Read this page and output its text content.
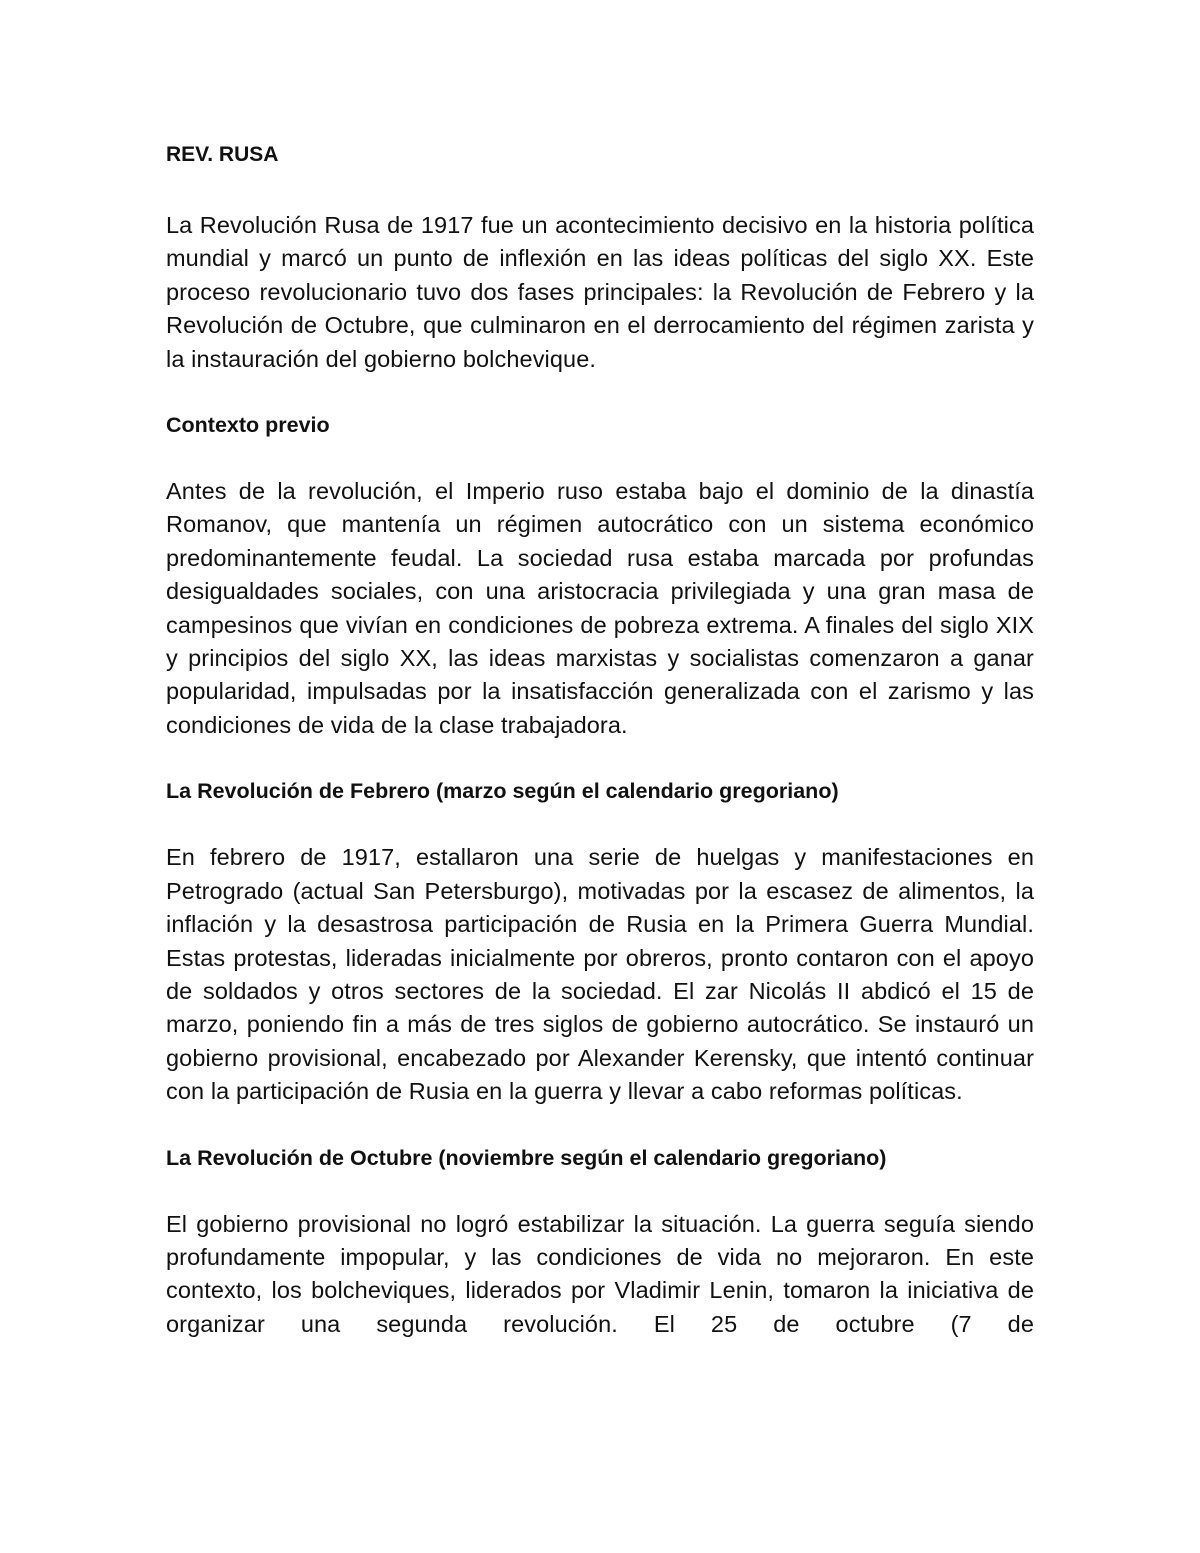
REV. RUSA

La Revolución Rusa de 1917 fue un acontecimiento decisivo en la historia política mundial y marcó un punto de inflexión en las ideas políticas del siglo XX. Este proceso revolucionario tuvo dos fases principales: la Revolución de Febrero y la Revolución de Octubre, que culminaron en el derrocamiento del régimen zarista y la instauración del gobierno bolchevique.

Contexto previo

Antes de la revolución, el Imperio ruso estaba bajo el dominio de la dinastía Romanov, que mantenía un régimen autocrático con un sistema económico predominantemente feudal. La sociedad rusa estaba marcada por profundas desigualdades sociales, con una aristocracia privilegiada y una gran masa de campesinos que vivían en condiciones de pobreza extrema. A finales del siglo XIX y principios del siglo XX, las ideas marxistas y socialistas comenzaron a ganar popularidad, impulsadas por la insatisfacción generalizada con el zarismo y las condiciones de vida de la clase trabajadora.

La Revolución de Febrero (marzo según el calendario gregoriano)

En febrero de 1917, estallaron una serie de huelgas y manifestaciones en Petrogrado (actual San Petersburgo), motivadas por la escasez de alimentos, la inflación y la desastrosa participación de Rusia en la Primera Guerra Mundial. Estas protestas, lideradas inicialmente por obreros, pronto contaron con el apoyo de soldados y otros sectores de la sociedad. El zar Nicolás II abdicó el 15 de marzo, poniendo fin a más de tres siglos de gobierno autocrático. Se instauró un gobierno provisional, encabezado por Alexander Kerensky, que intentó continuar con la participación de Rusia en la guerra y llevar a cabo reformas políticas.

La Revolución de Octubre (noviembre según el calendario gregoriano)

El gobierno provisional no logró estabilizar la situación. La guerra seguía siendo profundamente impopular, y las condiciones de vida no mejoraron. En este contexto, los bolcheviques, liderados por Vladimir Lenin, tomaron la iniciativa de organizar una segunda revolución. El 25 de octubre (7 de
